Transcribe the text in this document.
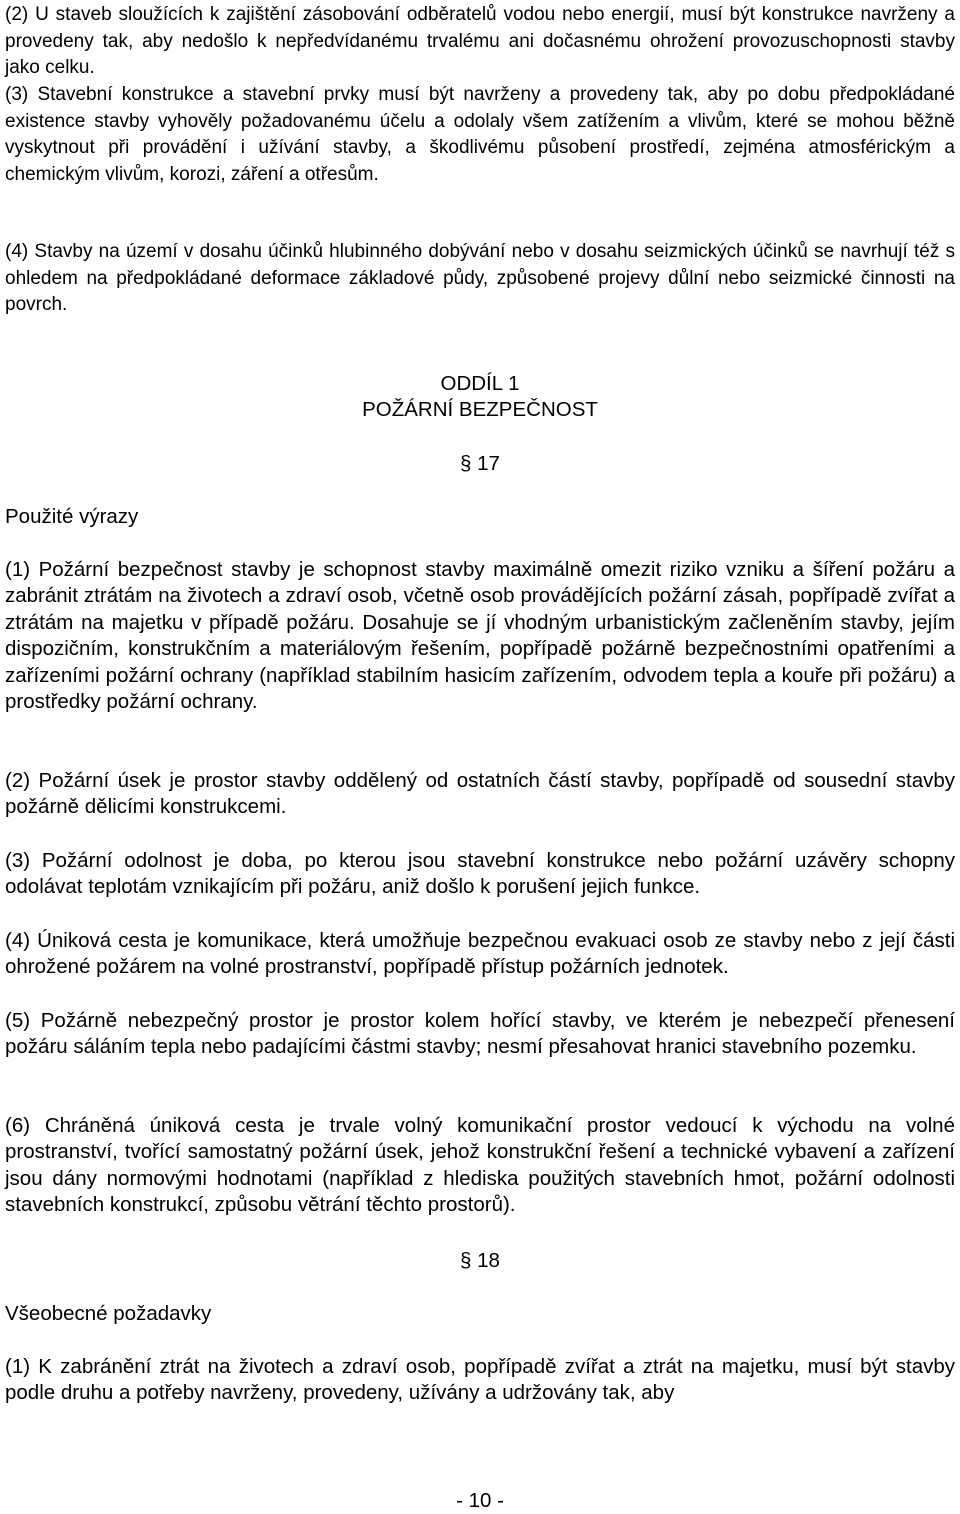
(2) U staveb sloužících k zajištění zásobování odběratelů vodou nebo energií, musí být konstrukce navrženy a provedeny tak, aby nedošlo k nepředvídanému trvalému ani dočasnému ohrožení provozuschopnosti stavby jako celku.

(3) Stavební konstrukce a stavební prvky musí být navrženy a provedeny tak, aby po dobu předpokládané existence stavby vyhověly požadovanému účelu a odolaly všem zatížením a vlivům, které se mohou běžně vyskytnout při provádění i užívání stavby, a škodlivému působení prostředí, zejména atmosférickým a chemickým vlivům, korozi, záření a otřesům.

(4) Stavby na území v dosahu účinků hlubinného dobývání nebo v dosahu seizmických účinků se navrhují též s ohledem na předpokládané deformace základové půdy, způsobené projevy důlní nebo seizmické činnosti na povrch.

ODDÍL 1
POŽÁRNÍ BEZPEČNOST
§ 17
Použité výrazy

(1) Požární bezpečnost stavby je schopnost stavby maximálně omezit riziko vzniku a šíření požáru a zabránit ztrátám na životech a zdraví osob, včetně osob provádějících požární zásah, popřípadě zvířat a ztrátám na majetku v případě požáru. Dosahuje se jí vhodným urbanistickým začleněním stavby, jejím dispozičním, konstrukčním a materiálovým řešením, popřípadě požárně bezpečnostními opatřeními a zařízeními požární ochrany (například stabilním hasicím zařízením, odvodem tepla a kouře při požáru) a prostředky požární ochrany.

(2) Požární úsek je prostor stavby oddělený od ostatních částí stavby, popřípadě od sousední stavby požárně dělicími konstrukcemi.

(3) Požární odolnost je doba, po kterou jsou stavební konstrukce nebo požární uzávěry schopny odolávat teplotám vznikajícím při požáru, aniž došlo k porušení jejich funkce.

(4) Úniková cesta je komunikace, která umožňuje bezpečnou evakuaci osob ze stavby nebo z její části ohrožené požárem na volné prostranství, popřípadě přístup požárních jednotek.

(5) Požárně nebezpečný prostor je prostor kolem hořící stavby, ve kterém je nebezpečí přenesení požáru sáláním tepla nebo padajícími částmi stavby; nesmí přesahovat hranici stavebního pozemku.

(6) Chráněná úniková cesta je trvale volný komunikační prostor vedoucí k východu na volné prostranství, tvořící samostatný požární úsek, jehož konstrukční řešení a technické vybavení a zařízení jsou dány normovými hodnotami (například z hlediska použitých stavebních hmot, požární odolnosti stavebních konstrukcí, způsobu větrání těchto prostorů).

§ 18
Všeobecné požadavky

(1) K zabránění ztrát na životech a zdraví osob, popřípadě zvířat a ztrát na majetku, musí být stavby podle druhu a potřeby navrženy, provedeny, užívány a udržovány tak, aby

- 10 -
